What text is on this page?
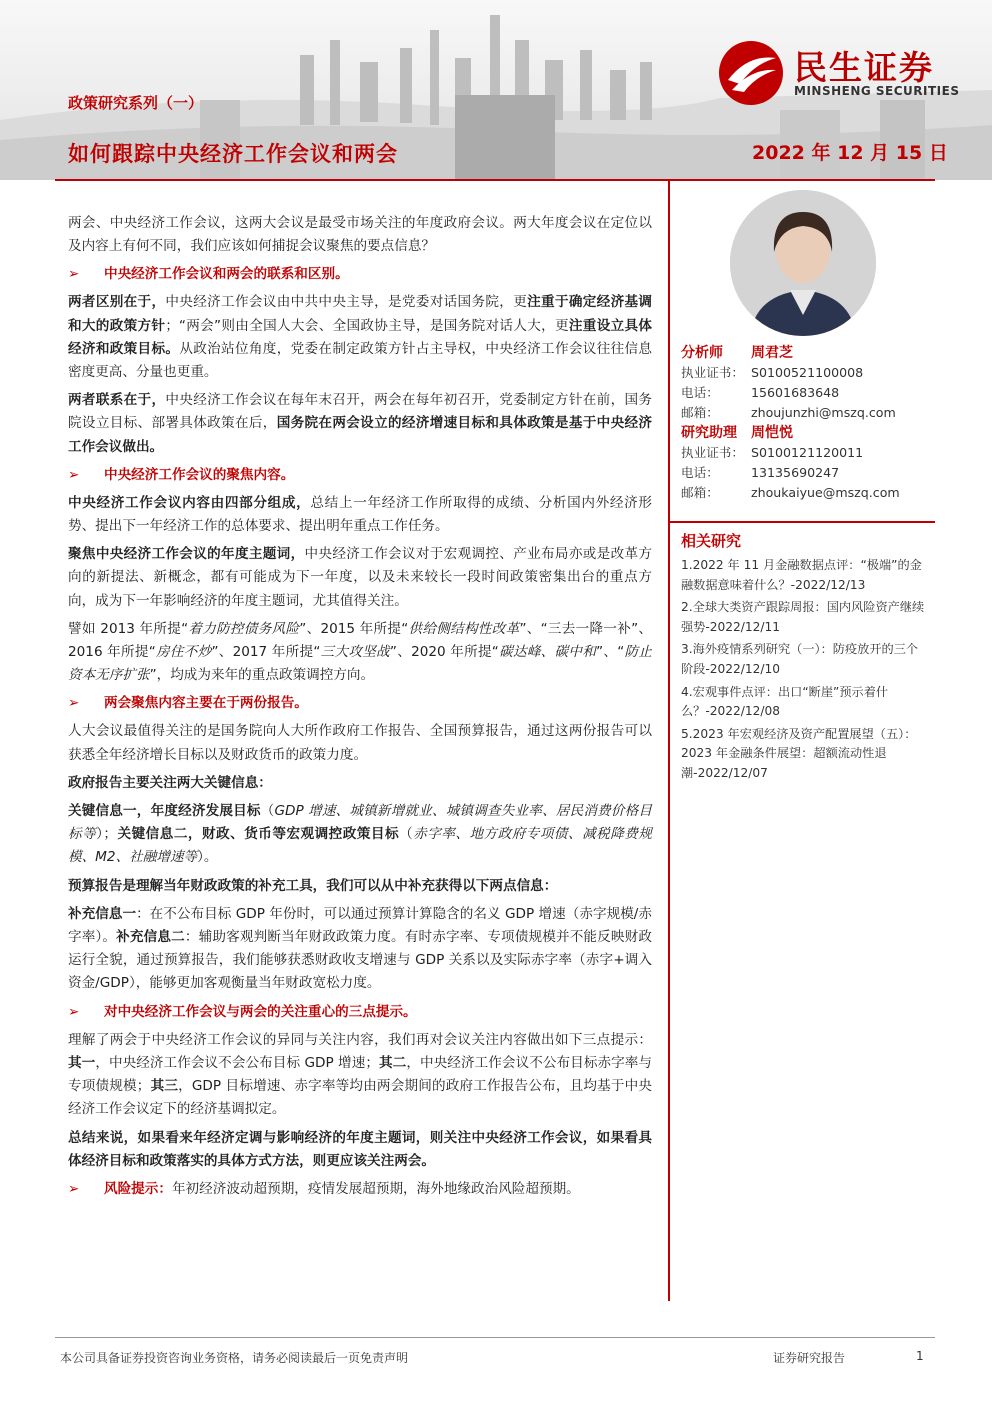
政策研究系列（一）
如何跟踪中央经济工作会议和两会	2022 年 12 月 15 日
民生证券
MINSHENG SECURITIES

两会、中央经济工作会议，这两大会议是最受市场关注的年度政府会议。两大年度会议在定位以及内容上有何不同，我们应该如何捕捉会议聚焦的要点信息？

➢ 中央经济工作会议和两会的联系和区别。

两者区别在于，中央经济工作会议由中共中央主导，是党委对话国务院，更注重于确定经济基调和大的政策方针；“两会”则由全国人大会、全国政协主导，是国务院对话人大，更注重设立具体经济和政策目标。从政治站位角度，党委在制定政策方针占主导权，中央经济工作会议往往信息密度更高、分量也更重。

两者联系在于，中央经济工作会议在每年末召开，两会在每年初召开，党委制定方针在前，国务院设立目标、部署具体政策在后，国务院在两会设立的经济增速目标和具体政策是基于中央经济工作会议做出。

➢ 中央经济工作会议的聚焦内容。

中央经济工作会议内容由四部分组成，总结上一年经济工作所取得的成绩、分析国内外经济形势、提出下一年经济工作的总体要求、提出明年重点工作任务。

聚焦中央经济工作会议的年度主题词，中央经济工作会议对于宏观调控、产业布局亦或是改革方向的新提法、新概念，都有可能成为下一年度，以及未来较长一段时间政策密集出台的重点方向，成为下一年影响经济的年度主题词，尤其值得关注。

譬如 2013 年所提“着力防控债务风险”、2015 年所提“供给侧结构性改革”、“三去一降一补”、2016 年所提“房住不炒”、2017 年所提“三大攻坚战”、2020 年所提“碳达峰、碳中和”、“防止资本无序扩张”，均成为来年的重点政策调控方向。

➢ 两会聚焦内容主要在于两份报告。

人大会议最值得关注的是国务院向人大所作政府工作报告、全国预算报告，通过这两份报告可以获悉全年经济增长目标以及财政货币的政策力度。

政府报告主要关注两大关键信息：

关键信息一，年度经济发展目标（GDP 增速、城镇新增就业、城镇调查失业率、居民消费价格目标等）；关键信息二，财政、货币等宏观调控政策目标（赤字率、地方政府专项债、减税降费规模、M2、社融增速等）。

预算报告是理解当年财政政策的补充工具，我们可以从中补充获得以下两点信息：

补充信息一：在不公布目标 GDP 年份时，可以通过预算计算隐含的名义 GDP 增速（赤字规模/赤字率）。补充信息二：辅助客观判断当年财政政策力度。有时赤字率、专项债规模并不能反映财政运行全貌，通过预算报告，我们能够获悉财政收支增速与 GDP 关系以及实际赤字率（赤字+调入资金/GDP），能够更加客观衡量当年财政宽松力度。

➢ 对中央经济工作会议与两会的关注重心的三点提示。

理解了两会于中央经济工作会议的异同与关注内容，我们再对会议关注内容做出如下三点提示：其一，中央经济工作会议不会公布目标 GDP 增速；其二，中央经济工作会议不公布目标赤字率与专项债规模；其三，GDP 目标增速、赤字率等均由两会期间的政府工作报告公布，且均基于中央经济工作会议定下的经济基调拟定。

总结来说，如果看来年经济定调与影响经济的年度主题词，则关注中央经济工作会议，如果看具体经济目标和政策落实的具体方式方法，则更应该关注两会。

➢ 风险提示：年初经济波动超预期，疫情发展超预期，海外地缘政治风险超预期。
分析师 周君芝
执业证书： S0100521100008
电话：	15601683648
邮箱：	zhoujunzhi@mszq.com
研究助理 周恺悦
执业证书： S0100121120011
电话：	13135690247
邮箱：	zhoukaiyue@mszq.com
相关研究

1.2022 年 11 月金融数据点评：“极端”的金融数据意味着什么？-2022/12/13

2.全球大类资产跟踪周报：国内风险资产继续强势-2022/12/11

3.海外疫情系列研究（一）：防疫放开的三个阶段-2022/12/10

4.宏观事件点评：出口“断崖”预示着什么？-2022/12/08

5.2023 年宏观经济及资产配置展望（五）：2023 年金融条件展望：超额流动性退潮-2022/12/07

本公司具备证券投资咨询业务资格，请务必阅读最后一页免责声明	证券研究报告	1
